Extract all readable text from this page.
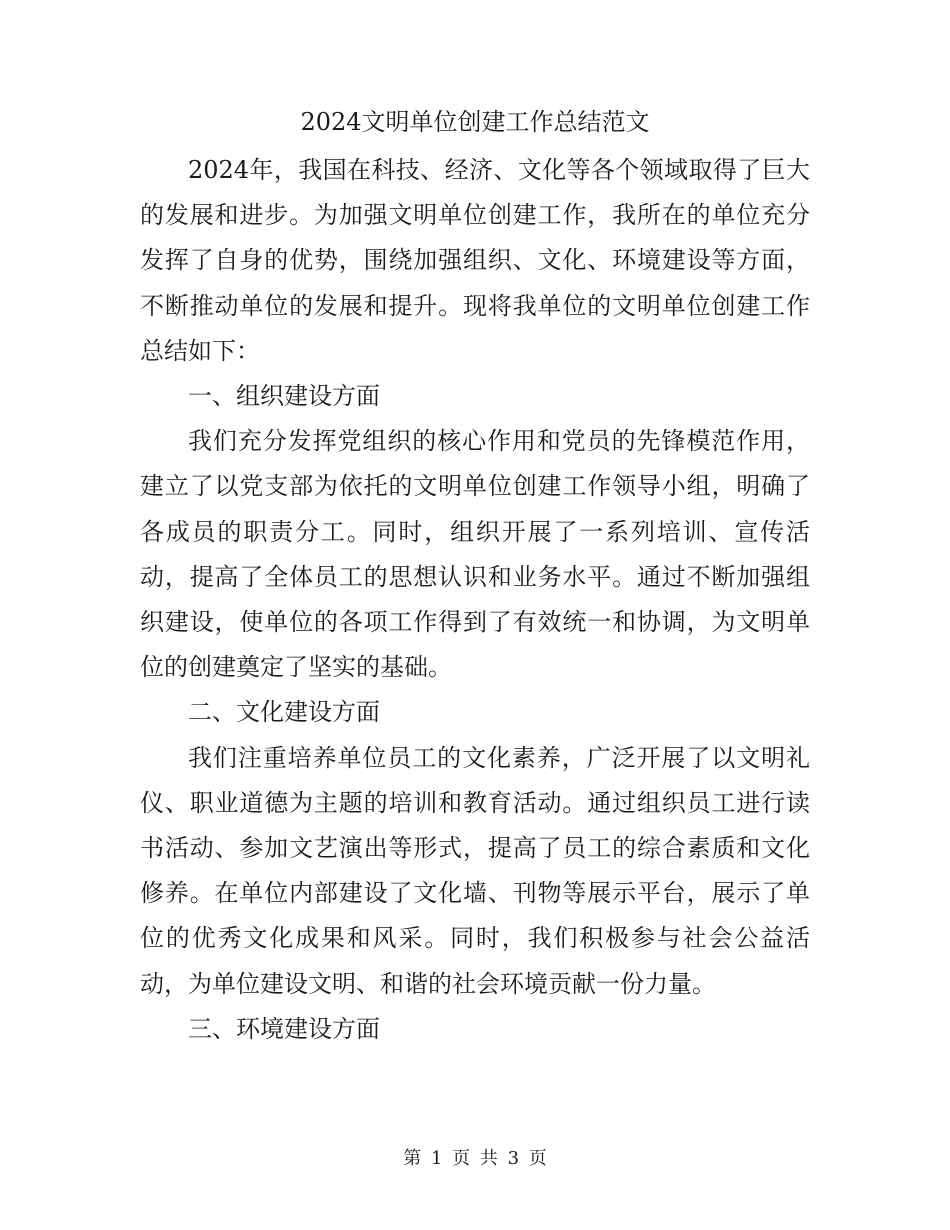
2024文明单位创建工作总结范文

2024年，我国在科技、经济、文化等各个领域取得了巨大的发展和进步。为加强文明单位创建工作，我所在的单位充分发挥了自身的优势，围绕加强组织、文化、环境建设等方面，不断推动单位的发展和提升。现将我单位的文明单位创建工作总结如下：

一、组织建设方面

我们充分发挥党组织的核心作用和党员的先锋模范作用，建立了以党支部为依托的文明单位创建工作领导小组，明确了各成员的职责分工。同时，组织开展了一系列培训、宣传活动，提高了全体员工的思想认识和业务水平。通过不断加强组织建设，使单位的各项工作得到了有效统一和协调，为文明单位的创建奠定了坚实的基础。

二、文化建设方面

我们注重培养单位员工的文化素养，广泛开展了以文明礼仪、职业道德为主题的培训和教育活动。通过组织员工进行读书活动、参加文艺演出等形式，提高了员工的综合素质和文化修养。在单位内部建设了文化墙、刊物等展示平台，展示了单位的优秀文化成果和风采。同时，我们积极参与社会公益活动，为单位建设文明、和谐的社会环境贡献一份力量。

三、环境建设方面
第 1 页 共 3 页
